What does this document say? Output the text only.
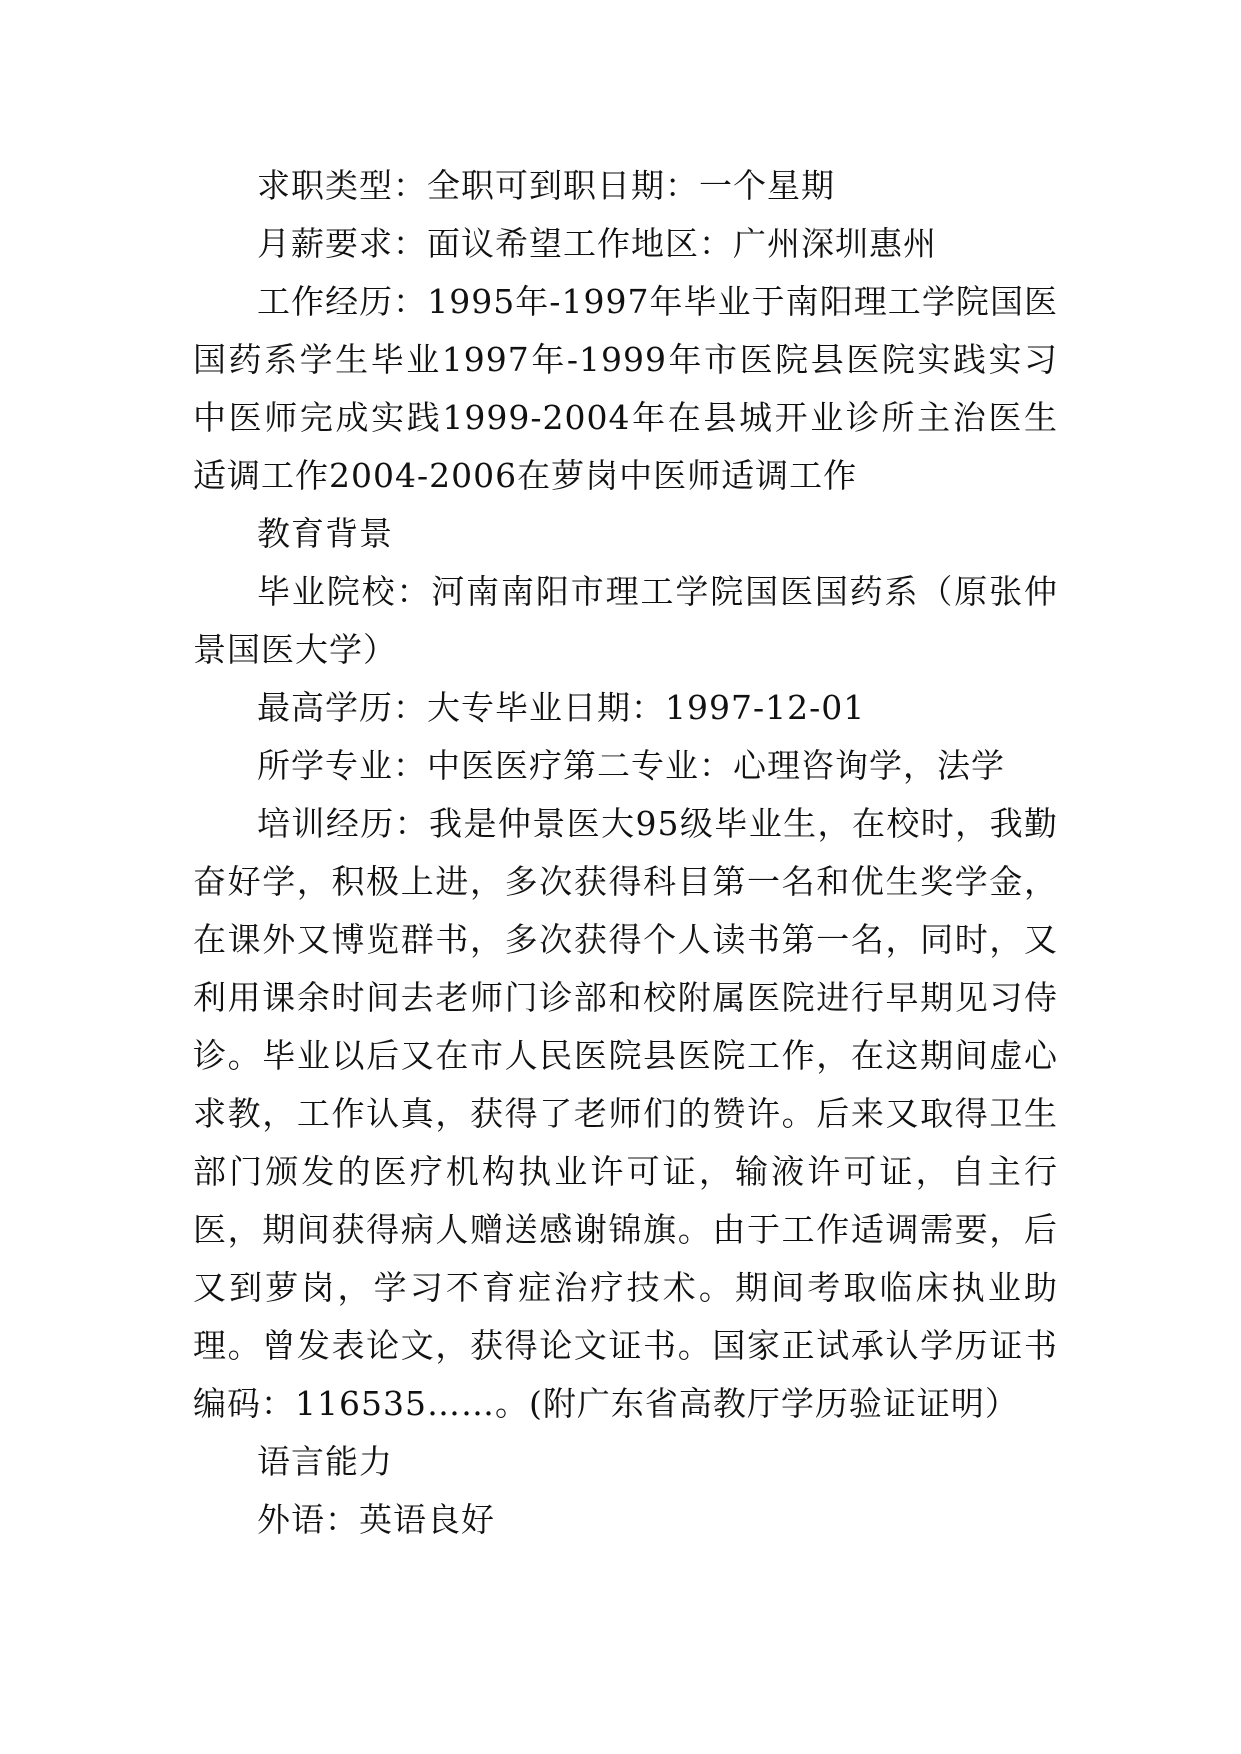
求职类型：全职可到职日期：一个星期

月薪要求：面议希望工作地区：广州深圳惠州

工作经历：1995年-1997年毕业于南阳理工学院国医国药系学生毕业1997年-1999年市医院县医院实践实习中医师完成实践1999-2004年在县城开业诊所主治医生适调工作2004-2006在萝岗中医师适调工作

教育背景

毕业院校：河南南阳市理工学院国医国药系（原张仲景国医大学）

最高学历：大专毕业日期：1997-12-01

所学专业：中医医疗第二专业：心理咨询学，法学

培训经历：我是仲景医大95级毕业生，在校时，我勤奋好学，积极上进，多次获得科目第一名和优生奖学金，在课外又博览群书，多次获得个人读书第一名，同时，又利用课余时间去老师门诊部和校附属医院进行早期见习侍诊。毕业以后又在市人民医院县医院工作，在这期间虚心求教，工作认真，获得了老师们的赞许。后来又取得卫生部门颁发的医疗机构执业许可证，输液许可证，自主行医，期间获得病人赠送感谢锦旗。由于工作适调需要，后又到萝岗，学习不育症治疗技术。期间考取临床执业助理。曾发表论文，获得论文证书。国家正试承认学历证书编码：116535……。(附广东省高教厅学历验证证明）

语言能力

外语：英语良好
